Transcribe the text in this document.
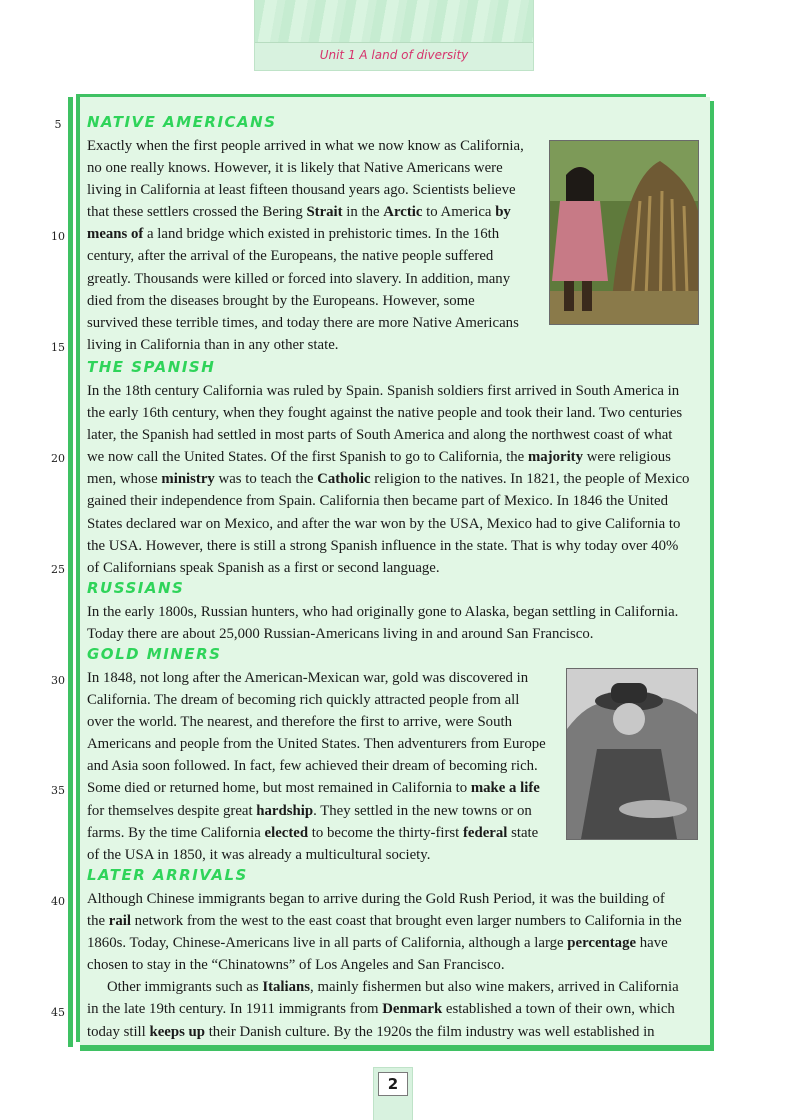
Unit 1 A land of diversity
5
10
15
20
25
30
35
40
45
NATIVE AMERICANS
Exactly when the first people arrived in what we now know as California,
no one really knows. However, it is likely that Native Americans were
living in California at least fifteen thousand years ago. Scientists believe
that these settlers crossed the Bering Strait in the Arctic to America by
means of a land bridge which existed in prehistoric times. In the 16th
century, after the arrival of the Europeans, the native people suffered
greatly. Thousands were killed or forced into slavery. In addition, many
died from the diseases brought by the Europeans. However, some
survived these terrible times, and today there are more Native Americans
living in California than in any other state.
THE SPANISH
In the 18th century California was ruled by Spain. Spanish soldiers first arrived in South America in
the early 16th century, when they fought against the native people and took their land. Two centuries
later, the Spanish had settled in most parts of South America and along the northwest coast of what
we now call the United States. Of the first Spanish to go to California, the majority were religious
men, whose ministry was to teach the Catholic religion to the natives. In 1821, the people of Mexico
gained their independence from Spain. California then became part of Mexico. In 1846 the United
States declared war on Mexico, and after the war won by the USA, Mexico had to give California to
the USA. However, there is still a strong Spanish influence in the state. That is why today over 40%
of Californians speak Spanish as a first or second language.
RUSSIANS
In the early 1800s, Russian hunters, who had originally gone to Alaska, began settling in California.
Today there are about 25,000 Russian-Americans living in and around San Francisco.
GOLD MINERS
In 1848, not long after the American-Mexican war, gold was discovered in
California. The dream of becoming rich quickly attracted people from all
over the world. The nearest, and therefore the first to arrive, were South
Americans and people from the United States. Then adventurers from Europe
and Asia soon followed. In fact, few achieved their dream of becoming rich.
Some died or returned home, but most remained in California to make a life
for themselves despite great hardship. They settled in the new towns or on
farms. By the time California elected to become the thirty-first federal state
of the USA in 1850, it was already a multicultural society.
LATER ARRIVALS
Although Chinese immigrants began to arrive during the Gold Rush Period, it was the building of
the rail network from the west to the east coast that brought even larger numbers to California in the
1860s. Today, Chinese-Americans live in all parts of California, although a large percentage have
chosen to stay in the “Chinatowns” of Los Angeles and San Francisco.
Other immigrants such as Italians, mainly fishermen but also wine makers, arrived in California
in the late 19th century. In 1911 immigrants from Denmark established a town of their own, which
today still keeps up their Danish culture. By the 1920s the film industry was well established in
2
